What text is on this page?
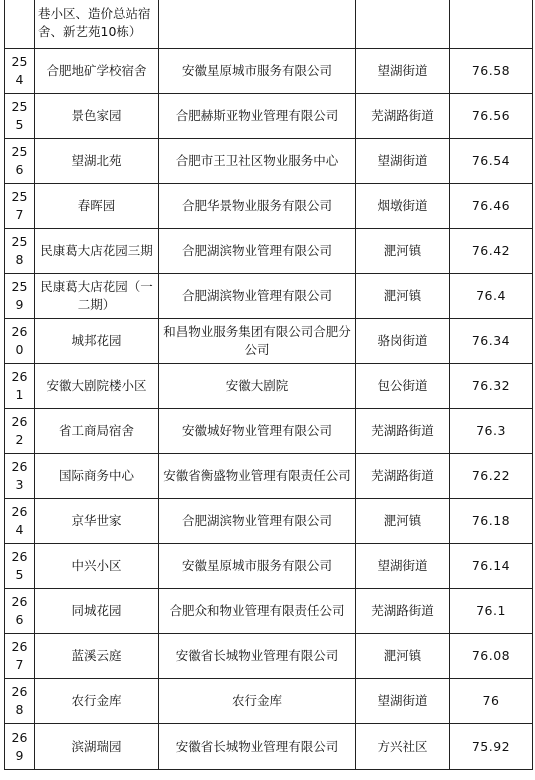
	巷小区、造价总站宿舍、新艺苑10栋）			
254	合肥地矿学校宿舍	安徽星原城市服务有限公司	望湖街道	76.58
255	景色家园	合肥赫斯亚物业管理有限公司	芜湖路街道	76.56
256	望湖北苑	合肥市王卫社区物业服务中心	望湖街道	76.54
257	春晖园	合肥华景物业服务有限公司	烟墩街道	76.46
258	民康葛大店花园三期	合肥湖滨物业管理有限公司	淝河镇	76.42
259	民康葛大店花园（一二期）	合肥湖滨物业管理有限公司	淝河镇	76.4
260	城邦花园	和昌物业服务集团有限公司合肥分公司	骆岗街道	76.34
261	安徽大剧院楼小区	安徽大剧院	包公街道	76.32
262	省工商局宿舍	安徽城好物业管理有限公司	芜湖路街道	76.3
263	国际商务中心	安徽省衡盛物业管理有限责任公司	芜湖路街道	76.22
264	京华世家	合肥湖滨物业管理有限公司	淝河镇	76.18
265	中兴小区	安徽星原城市服务有限公司	望湖街道	76.14
266	同城花园	合肥众和物业管理有限责任公司	芜湖路街道	76.1
267	蓝溪云庭	安徽省长城物业管理有限公司	淝河镇	76.08
268	农行金库	农行金库	望湖街道	76
269	滨湖瑞园	安徽省长城物业管理有限公司	方兴社区	75.92
